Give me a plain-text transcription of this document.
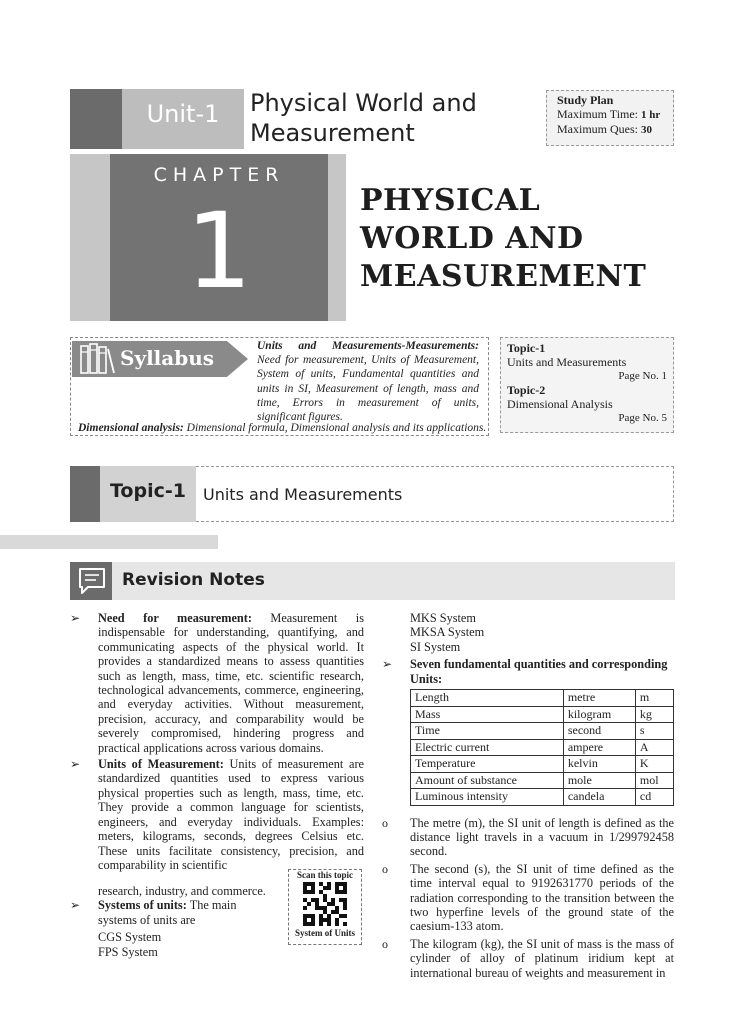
Unit-1	Physical World and
Measurement
Study Plan
Maximum Time: 1 hr
Maximum Ques: 30
CHAPTER
1	PHYSICAL
WORLD AND
MEASUREMENT
Syllabus	Units and Measurements-Measurements: Need for measurement, Units of Measurement, System of units, Fundamental quantities and units in SI, Measurement of length, mass and time, Errors in measurement of units, significant figures.
Dimensional analysis: Dimensional formula, Dimensional analysis and its applications.
Topic-1
Units and Measurements
Page No. 1
Topic-2
Dimensional Analysis
Page No. 5
Topic-1	Units and Measurements
Revision Notes
➢ Need for measurement: Measurement is indispensable for understanding, quantifying, and communicating aspects of the physical world. It provides a standardized means to assess quantities such as length, mass, time, etc. scientific research, technological advancements, commerce, engineering, and everyday activities. Without measurement, precision, accuracy, and comparability would be severely compromised, hindering progress and practical applications across various domains.
➢ Units of Measurement: Units of measurement are standardized quantities used to express various physical properties such as length, mass, time, etc. They provide a common language for scientists, engineers, and everyday individuals. Examples: meters, kilograms, seconds, degrees Celsius etc. These units facilitate consistency, precision, and comparability in scientific
research, industry, and commerce.
➢ Systems of units: The main systems of units are
CGS System
FPS System
Scan this topic
System of Units
MKS System
MKSA System
SI System
➢ Seven fundamental quantities and corresponding Units:
Length	metre	m
Mass	kilogram	kg
Time	second	s
Electric current	ampere	A
Temperature	kelvin	K
Amount of substance	mole	mol
Luminous intensity	candela	cd
o The metre (m), the SI unit of length is defined as the distance light travels in a vacuum in 1/299792458 second.
o The second (s), the SI unit of time defined as the time interval equal to 9192631770 periods of the radiation corresponding to the transition between the two hyperfine levels of the ground state of the caesium-133 atom.
o The kilogram (kg), the SI unit of mass is the mass of cylinder of alloy of platinum iridium kept at international bureau of weights and measurement in
